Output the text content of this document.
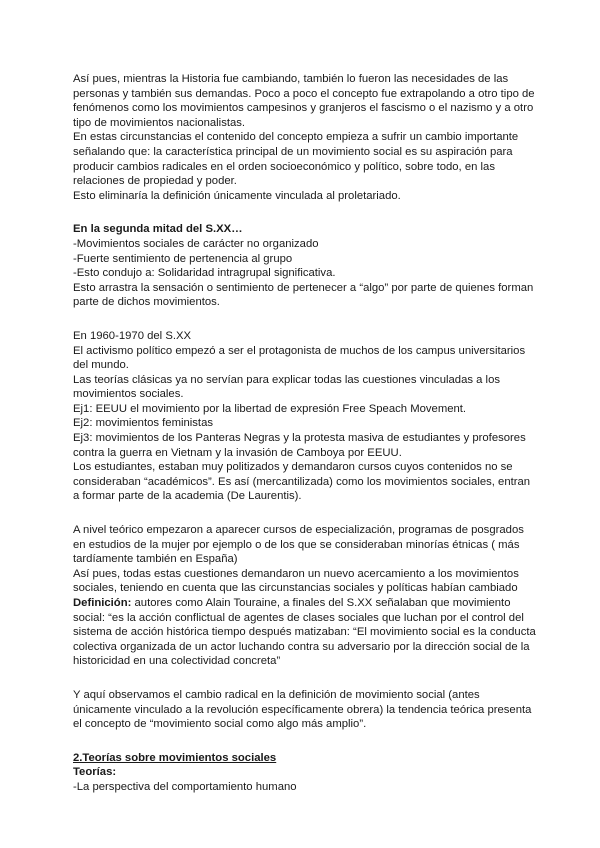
Así pues, mientras la Historia fue cambiando, también lo fueron las necesidades de las

personas y también sus demandas. Poco a poco el concepto fue extrapolando a otro tipo de

fenómenos como los movimientos campesinos y granjeros el fascismo o el nazismo y a otro

tipo de movimientos nacionalistas.

En estas circunstancias el contenido del concepto empieza a sufrir un cambio importante

señalando que: la característica principal de un movimiento social es su aspiración para

producir cambios radicales en el orden socioeconómico y político, sobre todo, en las

relaciones de propiedad y poder.

Esto eliminaría la definición únicamente vinculada al proletariado.

En la segunda mitad del S.XX…

-Movimientos sociales de carácter no organizado

-Fuerte sentimiento de pertenencia al grupo

-Esto condujo a: Solidaridad intragrupal significativa.

Esto arrastra la sensación o sentimiento de pertenecer a “algo” por parte de quienes forman

parte de dichos movimientos.

En 1960-1970 del S.XX

El activismo político empezó a ser el protagonista de muchos de los campus universitarios

del mundo.

Las teorías clásicas ya no servían para explicar todas las cuestiones vinculadas a los

movimientos sociales.

Ej1: EEUU el movimiento por la libertad de expresión Free Speach Movement.

Ej2: movimientos feministas

Ej3: movimientos de los Panteras Negras y la protesta masiva de estudiantes y profesores

contra la guerra en Vietnam y la invasión de Camboya por EEUU.

Los estudiantes, estaban muy politizados y demandaron cursos cuyos contenidos no se

consideraban “académicos”. Es así (mercantilizada) como los movimientos sociales, entran

a formar parte de la academia (De Laurentis).

A nivel teórico empezaron a aparecer cursos de especialización, programas de posgrados

en estudios de la mujer por ejemplo o de los que se consideraban minorías étnicas ( más

tardíamente también en España)

Así pues, todas estas cuestiones demandaron un nuevo acercamiento a los movimientos

sociales, teniendo en cuenta que las circunstancias sociales y políticas habían cambiado

Definición: autores como Alain Touraine, a finales del S.XX señalaban que movimiento

social: “es la acción conflictual de agentes de clases sociales que luchan por el control del

sistema de acción histórica tiempo después matizaban: “El movimiento social es la conducta

colectiva organizada de un actor luchando contra su adversario por la dirección social de la

historicidad en una colectividad concreta”

Y aquí observamos el cambio radical en la definición de movimiento social (antes

únicamente vinculado a la revolución específicamente obrera) la tendencia teórica presenta

el concepto de “movimiento social como algo más amplio”.

2.Teorías sobre movimientos sociales

Teorías:

-La perspectiva del comportamiento humano
